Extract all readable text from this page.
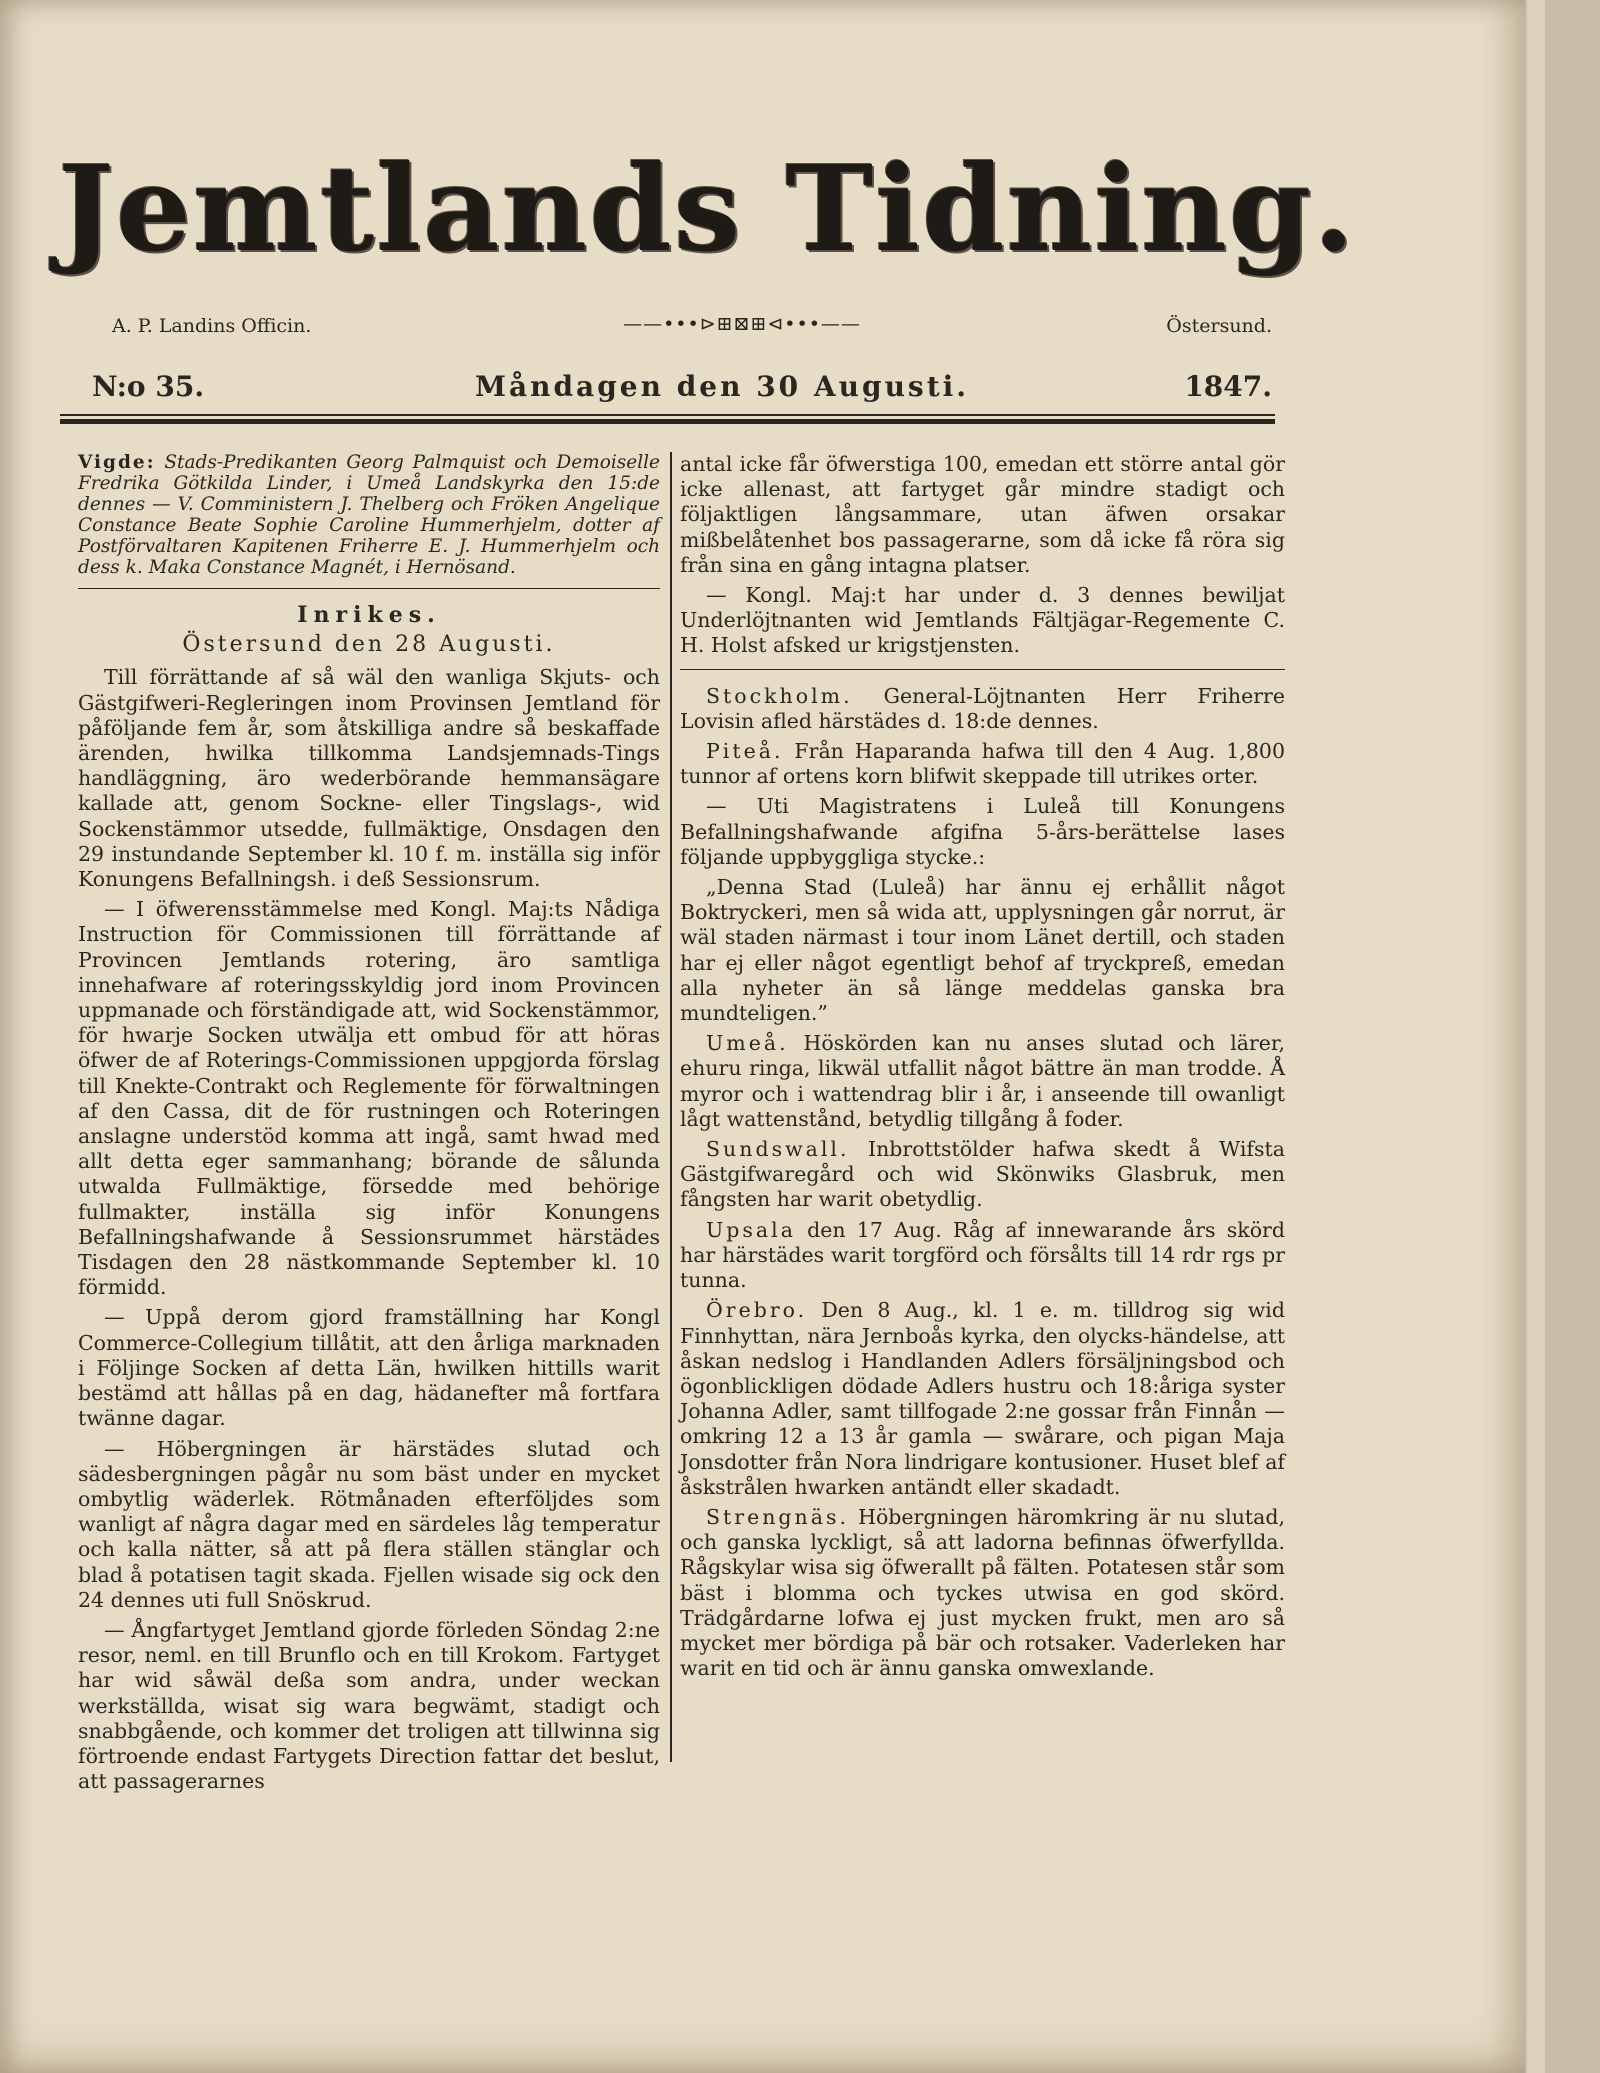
Jemtlands Tidning.
A. P. Landins Officin.	——•••⊳⊞⊠⊞⊲•••——	Östersund.
N:o 35.	Måndagen den 30 Augusti.	1847.

Vigde: Stads-Predikanten Georg Palmquist och Demoiselle Fredrika Götkilda Linder, i Umeå Landskyrka den 15:de dennes — V. Comministern J. Thelberg och Fröken Angelique Constance Beate Sophie Caroline Hummerhjelm, dotter af Postförvaltaren Kapitenen Friherre E. J. Hummerhjelm och dess k. Maka Constance Magnét, i Hernösand.

Inrikes.
Östersund den 28 Augusti.

Till förrättande af så wäl den wanliga Skjuts- och Gästgifweri-Regleringen inom Provinsen Jemtland för påföljande fem år, som åtskilliga andre så beskaffade ärenden, hwilka tillkomma Landsjemnads-Tings handläggning, äro wederbörande hemmansägare kallade att, genom Sockne- eller Tingslags-, wid Sockenstämmor utsedde, fullmäktige, Onsdagen den 29 instundande September kl. 10 f. m. inställa sig inför Konungens Befallningsh. i deß Sessionsrum.

— I öfwerensstämmelse med Kongl. Maj:ts Nådiga Instruction för Commissionen till förrättande af Provincen Jemtlands rotering, äro samtliga innehafware af roteringsskyldig jord inom Provincen uppmanade och förständigade att, wid Sockenstämmor, för hwarje Socken utwälja ett ombud för att höras öfwer de af Roterings-Commissionen uppgjorda förslag till Knekte-Contrakt och Reglemente för förwaltningen af den Cassa, dit de för rustningen och Roteringen anslagne understöd komma att ingå, samt hwad med allt detta eger sammanhang; börande de sålunda utwalda Fullmäktige, försedde med behörige fullmakter, inställa sig inför Konungens Befallningshafwande å Sessionsrummet härstädes Tisdagen den 28 nästkommande September kl. 10 förmidd.

— Uppå derom gjord framställning har Kongl Commerce-Collegium tillåtit, att den årliga marknaden i Följinge Socken af detta Län, hwilken hittills warit bestämd att hållas på en dag, hädanefter må fortfara twänne dagar.

— Höbergningen är härstädes slutad och sädesbergningen pågår nu som bäst under en mycket ombytlig wäderlek. Rötmånaden efterföljdes som wanligt af några dagar med en särdeles låg temperatur och kalla nätter, så att på flera ställen stänglar och blad å potatisen tagit skada. Fjellen wisade sig ock den 24 dennes uti full Snöskrud.

— Ångfartyget Jemtland gjorde förleden Söndag 2:ne resor, neml. en till Brunflo och en till Krokom. Fartyget har wid såwäl deßa som andra, under weckan werkställda, wisat sig wara begwämt, stadigt och snabbgående, och kommer det troligen att tillwinna sig förtroende endast Fartygets Direction fattar det beslut, att passagerarnes

antal icke får öfwerstiga 100, emedan ett större antal gör icke allenast, att fartyget går mindre stadigt och följaktligen långsammare, utan äfwen orsakar mißbelåtenhet bos passagerarne, som då icke få röra sig från sina en gång intagna platser.

— Kongl. Maj:t har under d. 3 dennes bewiljat Underlöjtnanten wid Jemtlands Fältjägar-Regemente C. H. Holst afsked ur krigstjensten.

Stockholm. General-Löjtnanten Herr Friherre Lovisin afled härstädes d. 18:de dennes.

Piteå. Från Haparanda hafwa till den 4 Aug. 1,800 tunnor af ortens korn blifwit skeppade till utrikes orter.

— Uti Magistratens i Luleå till Konungens Befallningshafwande afgifna 5-års-berättelse lases följande uppbyggliga stycke.:

„Denna Stad (Luleå) har ännu ej erhållit något Boktryckeri, men så wida att, upplysningen går norrut, är wäl staden närmast i tour inom Länet dertill, och staden har ej eller något egentligt behof af tryckpreß, emedan alla nyheter än så länge meddelas ganska bra mundteligen.”

Umeå. Höskörden kan nu anses slutad och lärer, ehuru ringa, likwäl utfallit något bättre än man trodde. Å myror och i wattendrag blir i år, i anseende till owanligt lågt wattenstånd, betydlig tillgång å foder.

Sundswall. Inbrottstölder hafwa skedt å Wifsta Gästgifwaregård och wid Skönwiks Glasbruk, men fångsten har warit obetydlig.

Upsala den 17 Aug. Råg af innewarande års skörd har härstädes warit torgförd och försålts till 14 rdr rgs pr tunna.

Örebro. Den 8 Aug., kl. 1 e. m. tilldrog sig wid Finnhyttan, nära Jernboås kyrka, den olycks-händelse, att åskan nedslog i Handlanden Adlers försäljningsbod och ögonblickligen dödade Adlers hustru och 18:åriga syster Johanna Adler, samt tillfogade 2:ne gossar från Finnån — omkring 12 a 13 år gamla — swårare, och pigan Maja Jonsdotter från Nora lindrigare kontusioner. Huset blef af åskstrålen hwarken antändt eller skadadt.

Strengnäs. Höbergningen häromkring är nu slutad, och ganska lyckligt, så att ladorna befinnas öfwerfyllda. Rågskylar wisa sig öfwerallt på fälten. Potatesen står som bäst i blomma och tyckes utwisa en god skörd. Trädgårdarne lofwa ej just mycken frukt, men aro så mycket mer bördiga på bär och rotsaker. Vaderleken har warit en tid och är ännu ganska omwexlande.
